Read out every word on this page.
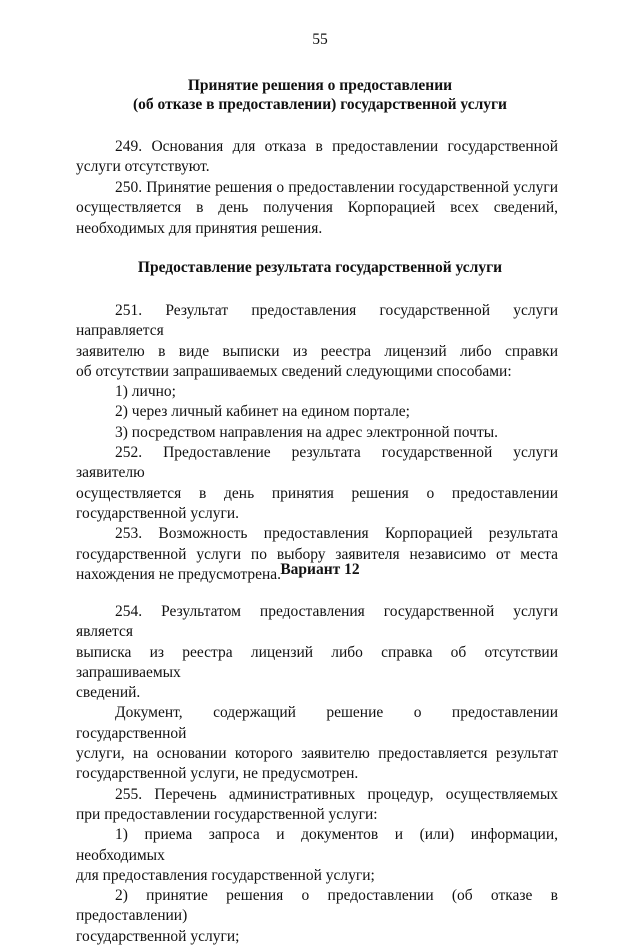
55
Принятие решения о предоставлении
(об отказе в предоставлении) государственной услуги

249. Основания для отказа в предоставлении государственной услуги отсутствуют.

250. Принятие решения о предоставлении государственной услуги
осуществляется в день получения Корпорацией всех сведений,
необходимых для принятия решения.
Предоставление результата государственной услуги
251. Результат предоставления государственной услуги направляется
заявителю в виде выписки из реестра лицензий либо справки
об отсутствии запрашиваемых сведений следующими способами:
1) лично;
2) через личный кабинет на едином портале;
3) посредством направления на адрес электронной почты.
252. Предоставление результата государственной услуги заявителю
осуществляется в день принятия решения о предоставлении
государственной услуги.
253. Возможность предоставления Корпорацией результата
государственной услуги по выбору заявителя независимо от места
нахождения не предусмотрена. Вариант 12
254. Результатом предоставления государственной услуги является
выписка из реестра лицензий либо справка об отсутствии запрашиваемых
сведений.
Документ, содержащий решение о предоставлении государственной
услуги, на основании которого заявителю предоставляется результат
государственной услуги, не предусмотрен.
255. Перечень административных процедур, осуществляемых
при предоставлении государственной услуги:
1) приема запроса и документов и (или) информации, необходимых
для предоставления государственной услуги;
2) принятие решения о предоставлении (об отказе в предоставлении)
государственной услуги;
